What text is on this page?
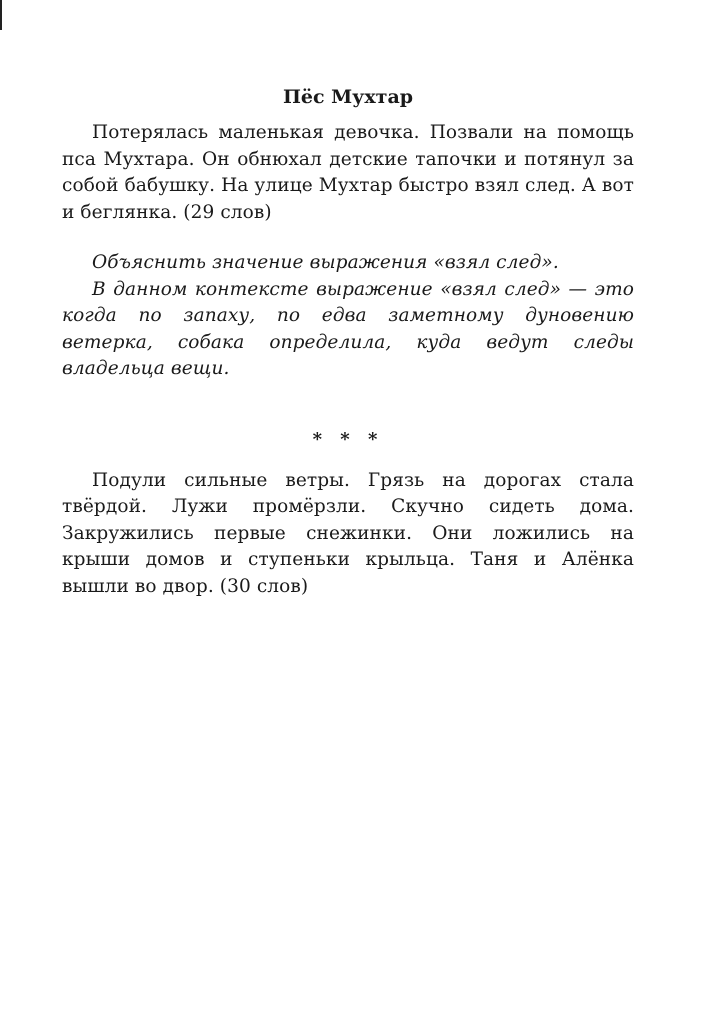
Пёс Мухтар

Потерялась маленькая девочка. Позвали на помощь пса Мухтара. Он обнюхал детские тапочки и потянул за собой бабушку. На улице Мухтар быстро взял след. А вот и беглянка. (29 слов)

Объяснить значение выражения «взял след».

В данном контексте выражение «взял след» — это когда по запаху, по едва заметному дуновению ветерка, собака определила, куда ведут следы владельца вещи.

* * *

Подули сильные ветры. Грязь на дорогах стала твёрдой. Лужи промёрзли. Скучно сидеть дома. Закружились первые снежинки. Они ложились на крыши домов и ступеньки крыльца. Таня и Алёнка вышли во двор. (30 слов)
